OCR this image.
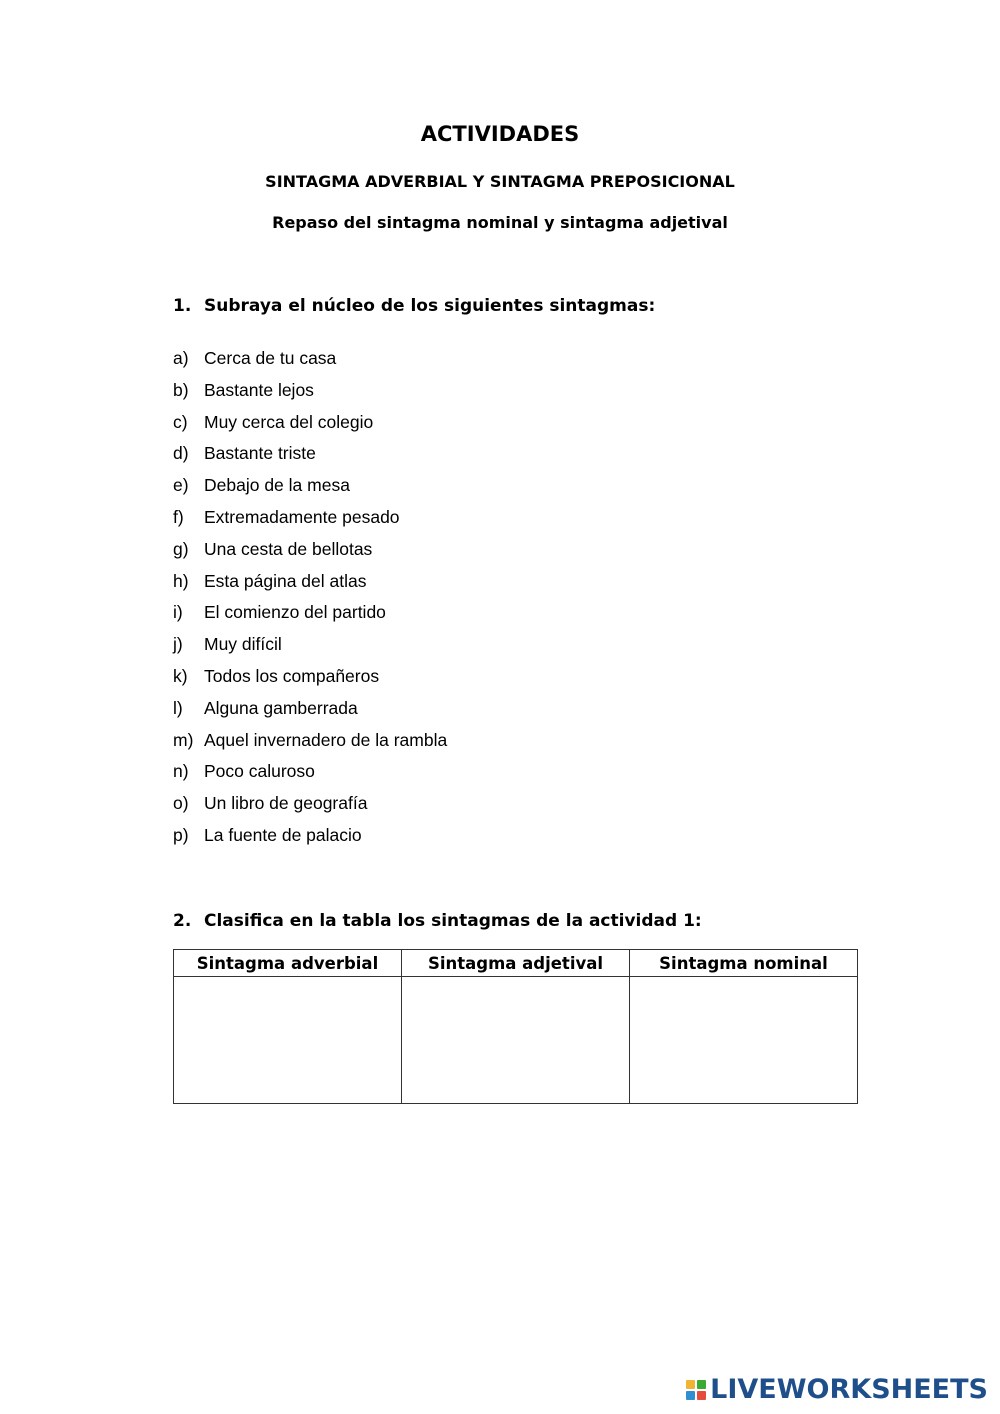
ACTIVIDADES
SINTAGMA ADVERBIAL Y SINTAGMA PREPOSICIONAL
Repaso del sintagma nominal y sintagma adjetival
1. Subraya el núcleo de los siguientes sintagmas:
a) Cerca de tu casa
b) Bastante lejos
c) Muy cerca del colegio
d) Bastante triste
e) Debajo de la mesa
f)	Extremadamente pesado
g) Una cesta de bellotas
h) Esta página del atlas
i)	El comienzo del partido
j)	Muy difícil
k) Todos los compañeros
l)	Alguna gamberrada
m) Aquel invernadero de la rambla
n) Poco caluroso
o) Un libro de geografía
p) La fuente de palacio
2. Clasifica en la tabla los sintagmas de la actividad 1:
Sintagma adverbial	Sintagma adjetival	Sintagma nominal

LIVEWORKSHEETS
